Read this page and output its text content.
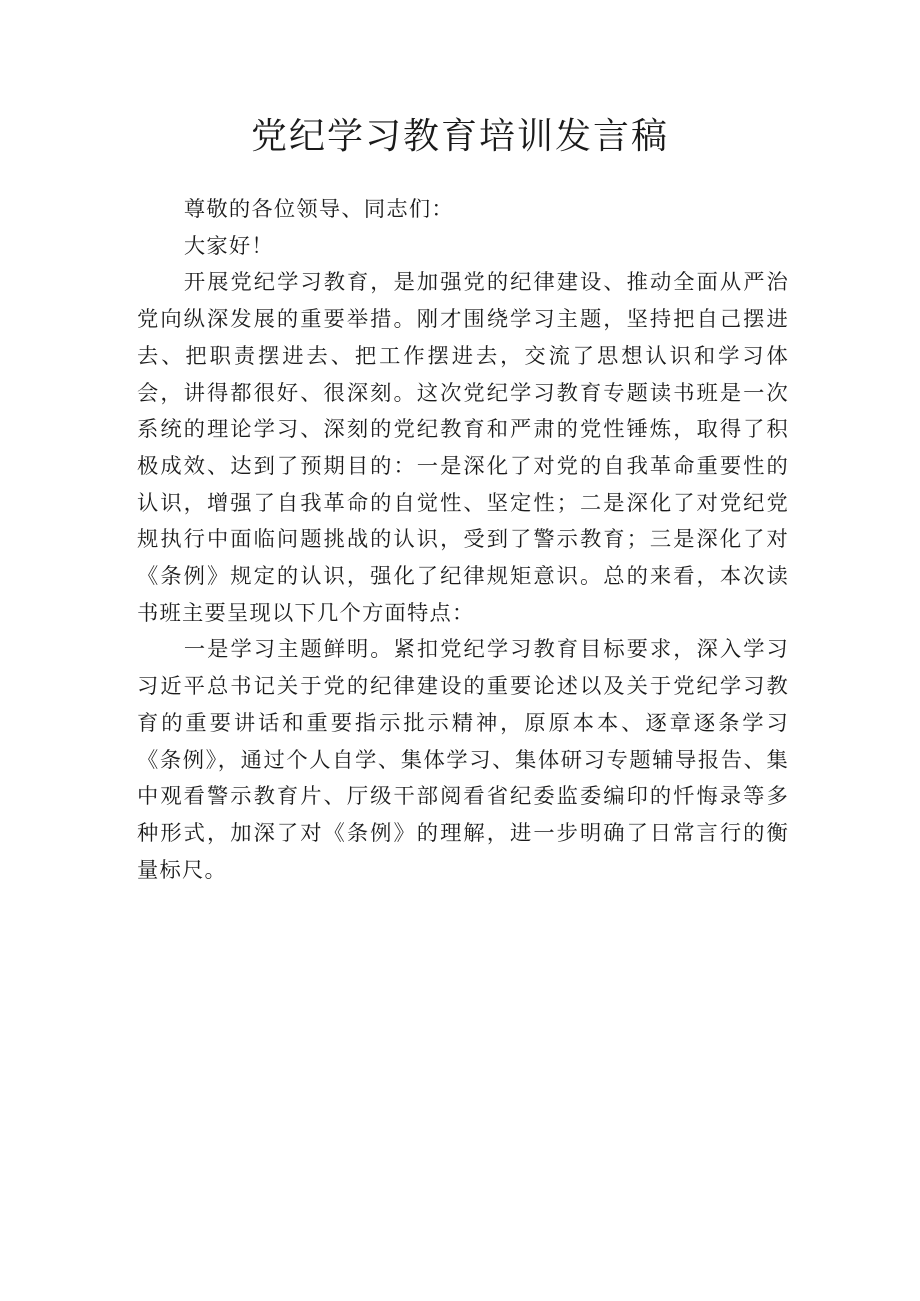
党纪学习教育培训发言稿

尊敬的各位领导、同志们：

大家好！

开展党纪学习教育，是加强党的纪律建设、推动全面从严治党向纵深发展的重要举措。刚才围绕学习主题，坚持把自己摆进去、把职责摆进去、把工作摆进去，交流了思想认识和学习体会，讲得都很好、很深刻。这次党纪学习教育专题读书班是一次系统的理论学习、深刻的党纪教育和严肃的党性锤炼，取得了积极成效、达到了预期目的：一是深化了对党的自我革命重要性的认识，增强了自我革命的自觉性、坚定性；二是深化了对党纪党规执行中面临问题挑战的认识，受到了警示教育；三是深化了对《条例》规定的认识，强化了纪律规矩意识。总的来看，本次读书班主要呈现以下几个方面特点：

一是学习主题鲜明。紧扣党纪学习教育目标要求，深入学习习近平总书记关于党的纪律建设的重要论述以及关于党纪学习教育的重要讲话和重要指示批示精神，原原本本、逐章逐条学习《条例》，通过个人自学、集体学习、集体研习专题辅导报告、集中观看警示教育片、厅级干部阅看省纪委监委编印的忏悔录等多种形式，加深了对《条例》的理解，进一步明确了日常言行的衡量标尺。
